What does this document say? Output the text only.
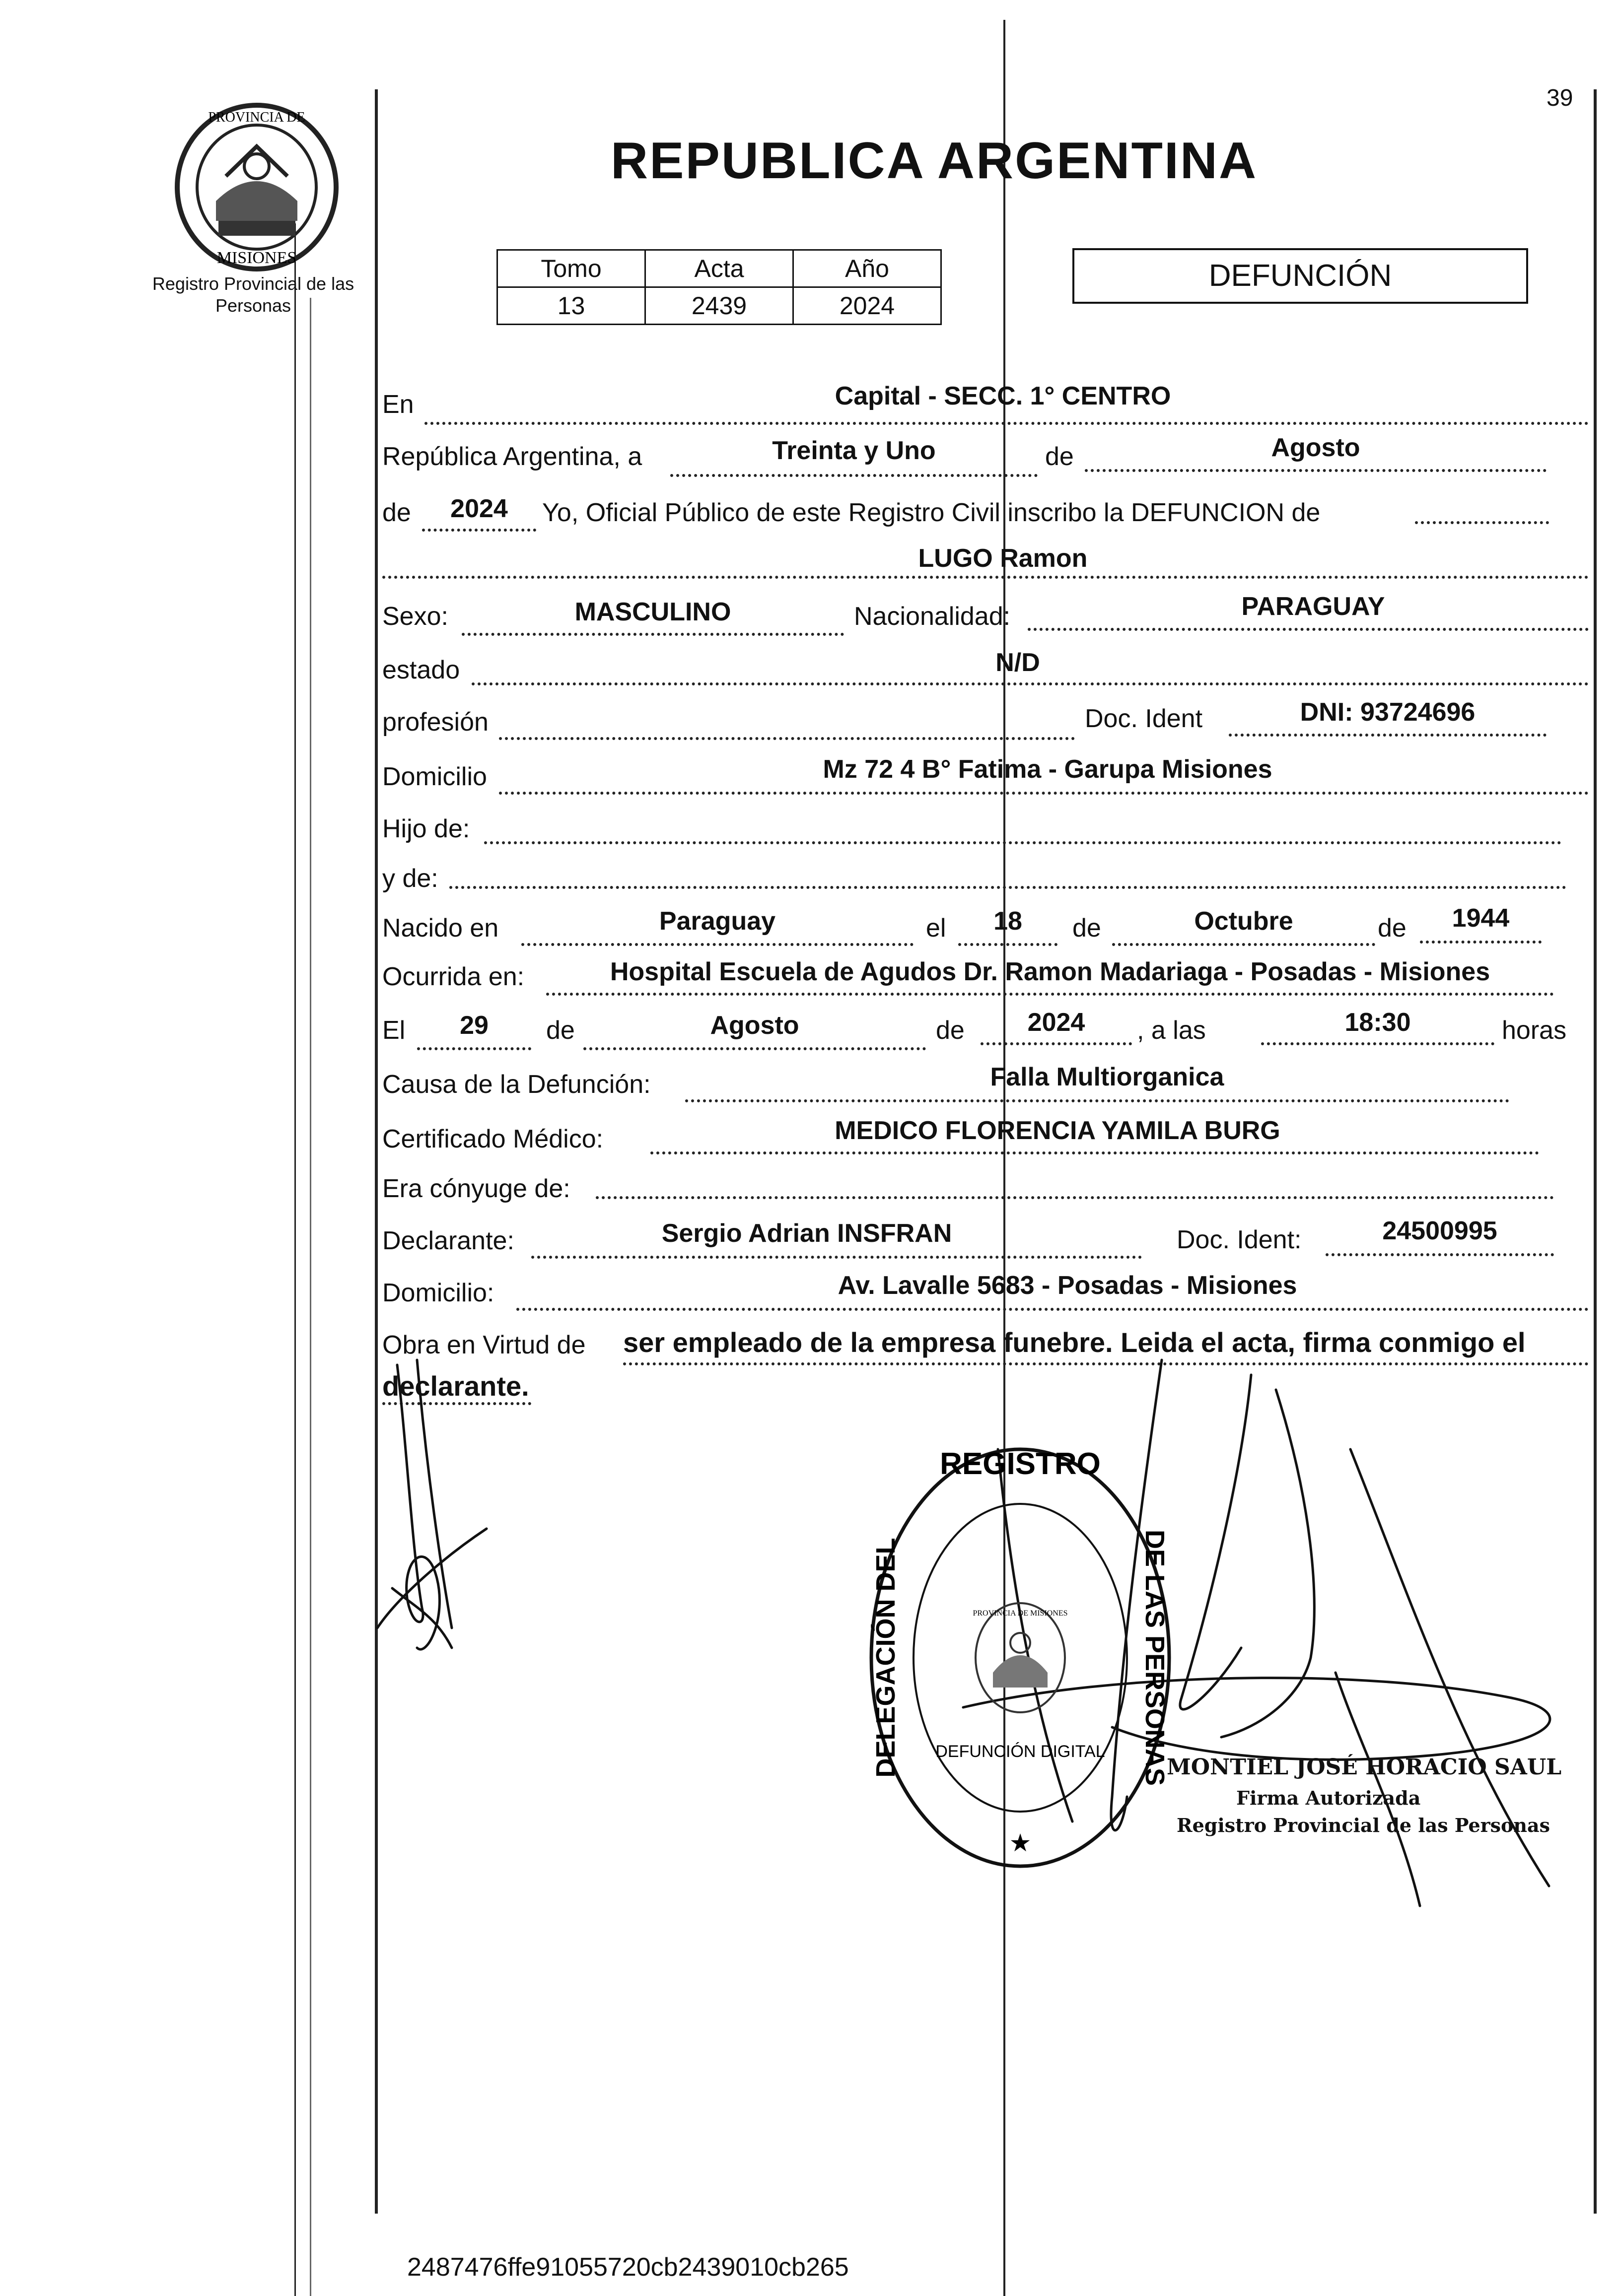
39
PROVINCIA DE
MISIONES
Registro Provincial de las Personas
REPUBLICA ARGENTINA
Tomo	Acta	Año
13	2439	2024
DEFUNCIÓN
En	Capital - SECC. 1° CENTRO
República Argentina, a	Treinta y Uno	de	Agosto
de	2024	Yo, Oficial Público de este Registro Civil inscribo la DEFUNCION de
LUGO Ramon
Sexo:	MASCULINO	Nacionalidad:	PARAGUAY
estado	N/D
profesión	Doc. Ident	DNI: 93724696
Domicilio	Mz 72 4 B° Fatima - Garupa Misiones
Hijo de:
y de:
Nacido en	Paraguay	el	18	de	Octubre	de	1944
Ocurrida en:	Hospital Escuela de Agudos Dr. Ramon Madariaga - Posadas - Misiones
El	29	de	Agosto	de	2024	, a las	18:30	horas
Causa de la Defunción:	Falla Multiorganica
Certificado Médico:	MEDICO FLORENCIA YAMILA BURG
Era cónyuge de:
Declarante:	Sergio Adrian INSFRAN	Doc. Ident:	24500995
Domicilio:	Av. Lavalle 5683 - Posadas - Misiones
Obra en Virtud de ser empleado de la empresa funebre. Leida el acta, firma conmigo el
declarante.
PROVINCIA DE MISIONES
REGISTRO
DELEGACIÓN DEL	DE LAS PERSONAS
DEFUNCIÓN DIGITAL
★
MONTIEL JOSÉ HORACIO SAUL
Firma Autorizada
Registro Provincial de las Personas
2487476ffe91055720cb2439010cb265
